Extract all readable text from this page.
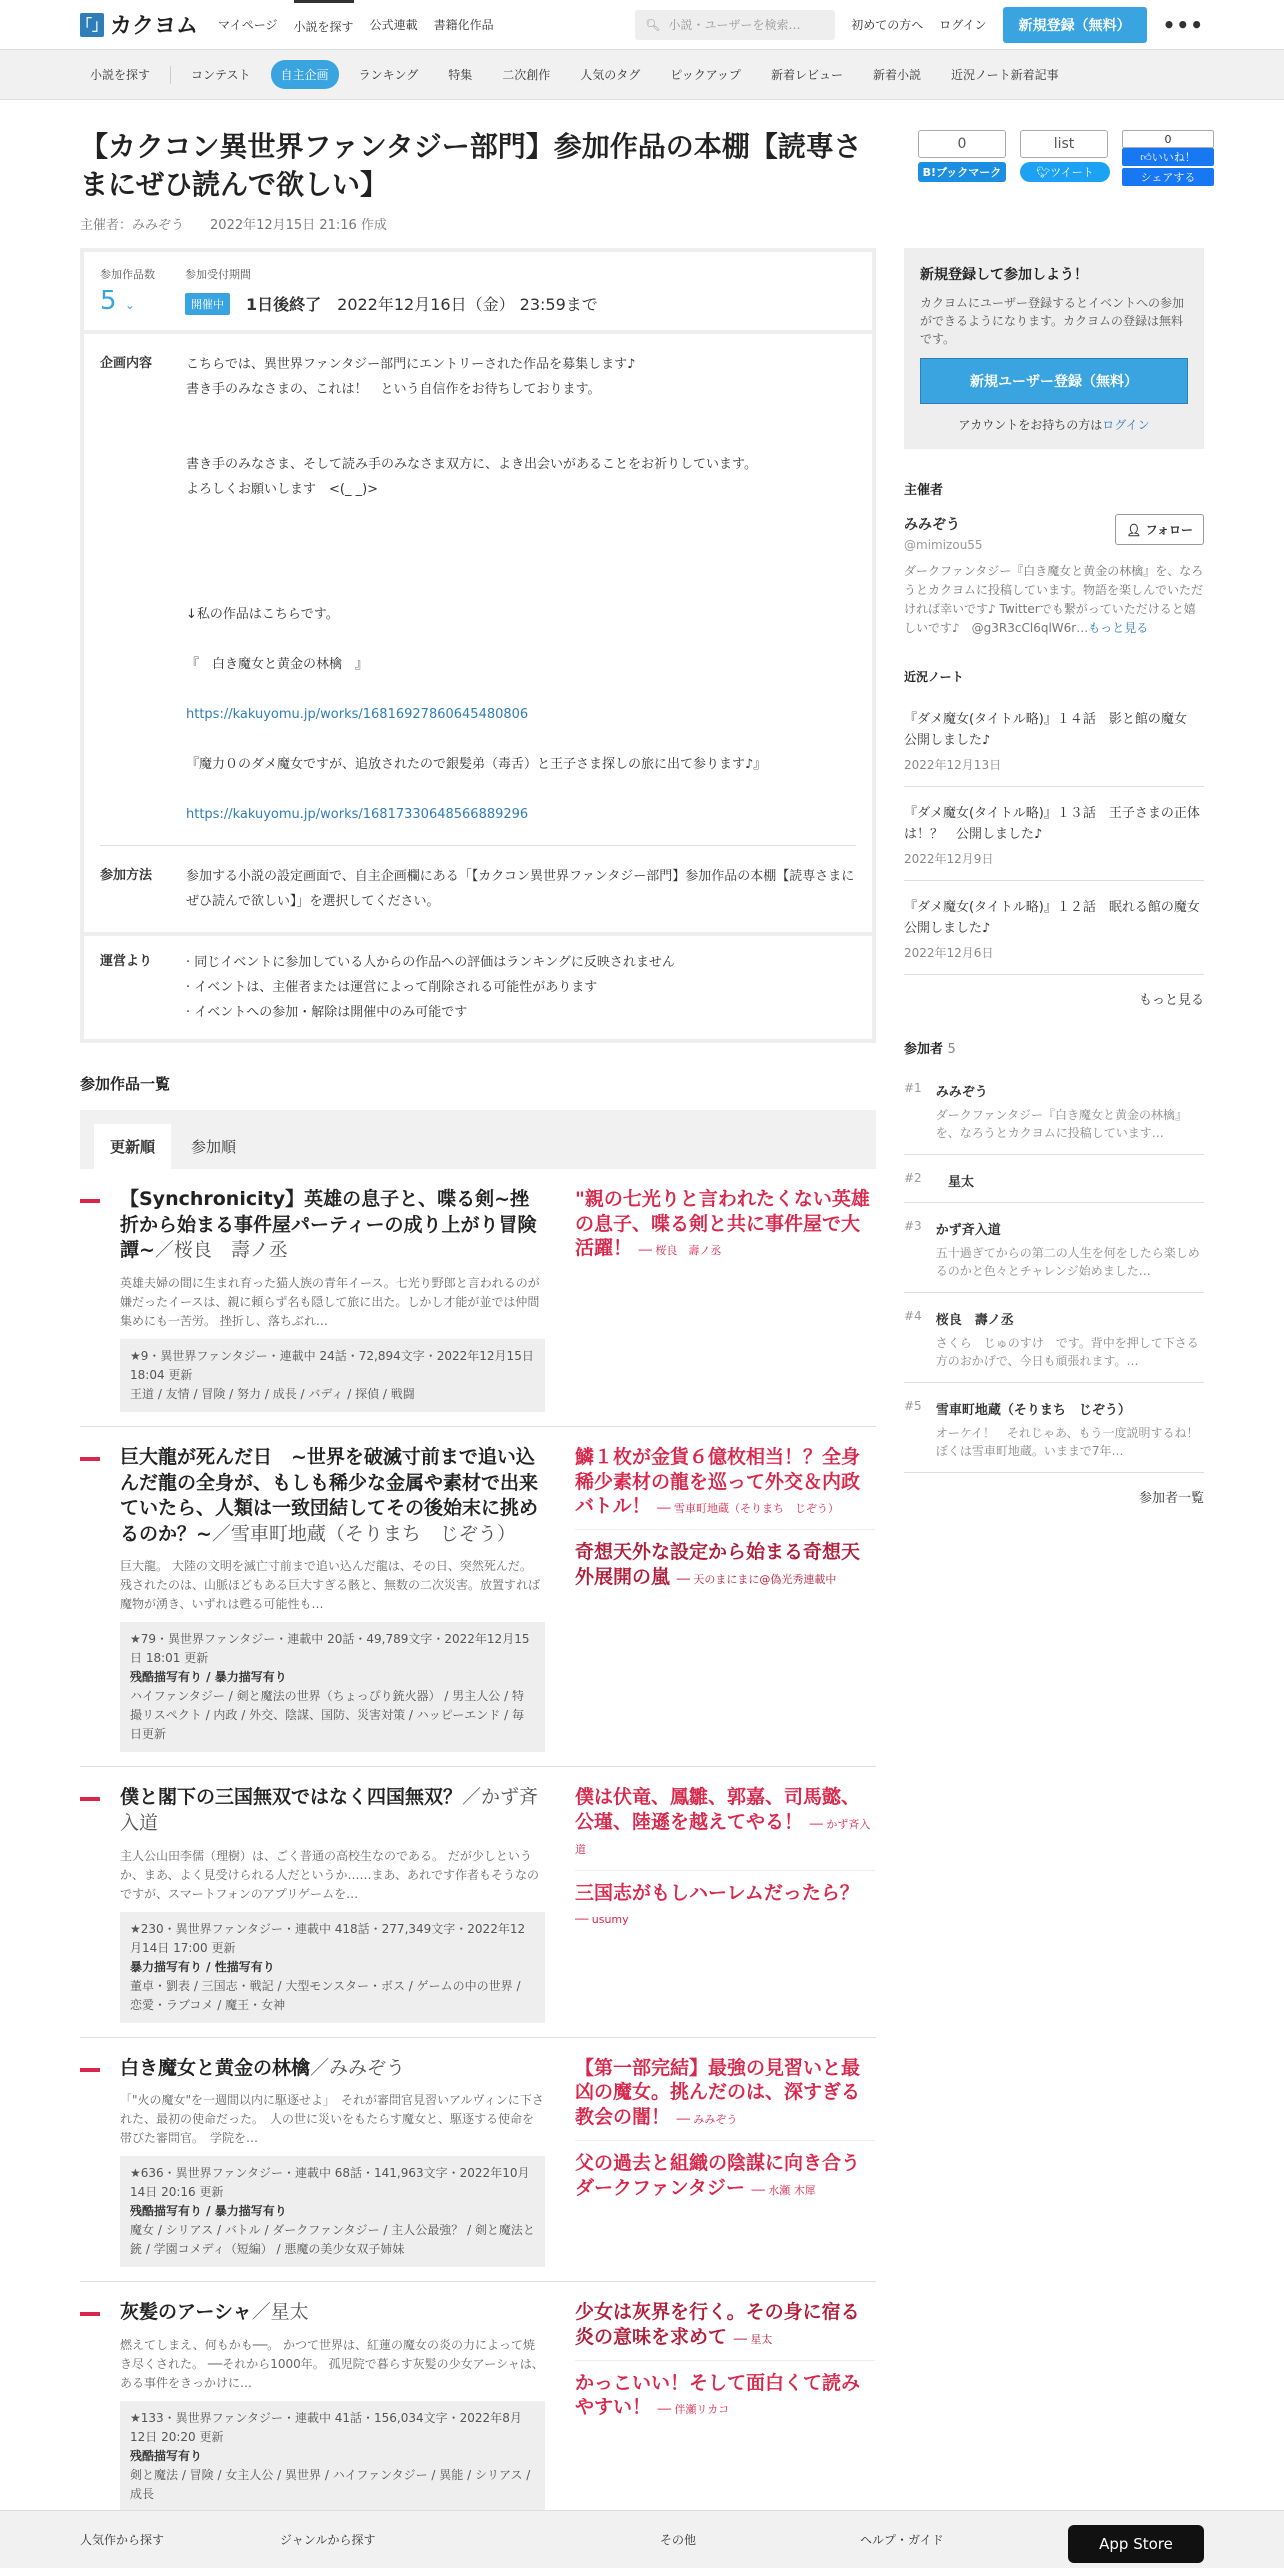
「」 カクヨム マイページ 小説を探す 公式連載 書籍化作品	🔍︎ 小説・ユーザーを検索…	初めての方へ ログイン	新規登録（無料）	•••
小説を探す	コンテスト	自主企画	ランキング	特集	二次創作	人気のタグ	ピックアップ	新着レビュー	新着小説	近況ノート新着記事
【カクコン異世界ファンタジー部門】参加作品の本棚【読専さまにぜひ読んで欲しい】
主催者：みみぞう　　 2022年12月15日 21:16 作成
0
B!ブックマーク
list
🐦︎ ツイート
0
👍︎ いいね！
シェアする
参加作品数
5 ⌄
参加受付期間
開催中	1日後終了 2022年12月16日（金） 23:59まで
企画内容	こちらでは、異世界ファンタジー部門にエントリーされた作品を募集します♪
書き手のみなさまの、これは！　という自信作をお待ちしております。
書き手のみなさま、そして読み手のみなさま双方に、よき出会いがあることをお祈りしています。
よろしくお願いします　<(_ _)>
↓私の作品はこちらです。
『　白き魔女と黄金の林檎　』
https://kakuyomu.jp/works/16816927860645480806
『魔力０のダメ魔女ですが、追放されたので銀髪弟（毒舌）と王子さま探しの旅に出て参ります♪』
https://kakuyomu.jp/works/16817330648566889296
参加方法	参加する小説の設定画面で、自主企画欄にある「【カクコン異世界ファンタジー部門】参加作品の本棚【読専さまにぜひ読んで欲しい】」を選択してください。
運営より	· 同じイベントに参加している人からの作品への評価はランキングに反映されません
· イベントは、主催者または運営によって削除される可能性があります
· イベントへの参加・解除は開催中のみ可能です
参加作品一覧
更新順	参加順
【Synchronicity】英雄の息子と、喋る剣~挫折から始まる事件屋パーティーの成り上がり冒険譚~／桜良　壽ノ丞
英雄夫婦の間に生まれ育った猫人族の青年イース。七光り野郎と言われるのが嫌だったイースは、親に頼らず名も隠して旅に出た。しかし才能が並では仲間集めにも一苦労。 挫折し、落ちぶれ…
★9・異世界ファンタジー・連載中 24話・72,894文字・2022年12月15日 18:04 更新
王道 / 友情 / 冒険 / 努力 / 成長 / バディ / 探偵 / 戦闘
"親の七光りと言われたくない英雄の息子、喋る剣と共に事件屋で大活躍！ ── 桜良　壽ノ丞
巨大龍が死んだ日　~世界を破滅寸前まで追い込んだ龍の全身が、もしも稀少な金属や素材で出来ていたら、人類は一致団結してその後始末に挑めるのか？~／雪車町地蔵（そりまち　じぞう）
巨大龍。 大陸の文明を滅亡寸前まで追い込んだ龍は、その日、突然死んだ。 残されたのは、山脈ほどもある巨大すぎる骸と、無数の二次災害。放置すれば魔物が湧き、いずれは甦る可能性も…
★79・異世界ファンタジー・連載中 20話・49,789文字・2022年12月15日 18:01 更新
残酷描写有り / 暴力描写有り
ハイファンタジー / 剣と魔法の世界（ちょっぴり銃火器） / 男主人公 / 特撮リスペクト / 内政 / 外交、陰謀、国防、災害対策 / ハッピーエンド / 毎日更新
鱗１枚が金貨６億枚相当！？全身稀少素材の龍を巡って外交＆内政バトル！ ── 雪車町地蔵（そりまち　じぞう）
奇想天外な設定から始まる奇想天外展開の嵐 ── 天のまにまに@偽光秀連載中
僕と閣下の三国無双ではなく四国無双？／かず斉入道
主人公山田李儒（理樹）は、ごく普通の高校生なのである。 だが少しというか、まあ、よく見受けられる人だというか……まあ、あれです作者もそうなのですが、スマートフォンのアプリゲームを…
★230・異世界ファンタジー・連載中 418話・277,349文字・2022年12月14日 17:00 更新
暴力描写有り / 性描写有り
董卓・劉表 / 三国志・戦記 / 大型モンスター・ボス / ゲームの中の世界 / 恋愛・ラブコメ / 魔王・女神
僕は伏竜、鳳雛、郭嘉、司馬懿、公瑾、陸遜を越えてやる！ ── かず斉入道
三国志がもしハーレムだったら？ ── usumy
白き魔女と黄金の林檎／みみぞう
「"火の魔女"を一週間以内に駆逐せよ」　それが審問官見習いアルヴィンに下された、最初の使命だった。　人の世に災いをもたらす魔女と、駆逐する使命を帯びた審問官。　学院を…
★636・異世界ファンタジー・連載中 68話・141,963文字・2022年10月14日 20:16 更新
残酷描写有り / 暴力描写有り
魔女 / シリアス / バトル / ダークファンタジー / 主人公最強？ / 剣と魔法と銃 / 学園コメディ（短編） / 悪魔の美少女双子姉妹
【第一部完結】最強の見習いと最凶の魔女。挑んだのは、深すぎる教会の闇！ ── みみぞう
父の過去と組織の陰謀に向き合うダークファンタジー ── 水瀬 木犀
灰髪のアーシャ／星太
燃えてしまえ、何もかも──。 かつて世界は、紅蓮の魔女の炎の力によって焼き尽くされた。 ──それから1000年。 孤児院で暮らす灰髪の少女アーシャは、ある事件をきっかけに…
★133・異世界ファンタジー・連載中 41話・156,034文字・2022年8月12日 20:20 更新
残酷描写有り
剣と魔法 / 冒険 / 女主人公 / 異世界 / ハイファンタジー / 異能 / シリアス / 成長
少女は灰界を行く。その身に宿る炎の意味を求めて ── 星太
かっこいい！そして面白くて読みやすい！ ── 伴瀬リカコ
新規登録して参加しよう！

カクヨムにユーザー登録するとイベントへの参加ができるようになります。カクヨムの登録は無料です。

新規ユーザー登録（無料）
アカウントをお持ちの方はログイン
主催者
みみぞう
@mimizou55
👤︎ フォロー
ダークファンタジー『白き魔女と黄金の林檎』を、なろうとカクヨムに投稿しています。物語を楽しんでいただければ幸いです♪ Twitterでも繋がっていただけると嬉しいです♪　@g3R3cCl6qlW6r…もっと見る
近況ノート
『ダメ魔女(タイトル略)』１４話　影と館の魔女　公開しました♪
2022年12月13日
『ダメ魔女(タイトル略)』１３話　王子さまの正体は！？　公開しました♪
2022年12月9日
『ダメ魔女(タイトル略)』１２話　眠れる館の魔女　公開しました♪
2022年12月6日
もっと見る
参加者 5
#1 みみぞう
ダークファンタジー『白き魔女と黄金の林檎』を、なろうとカクヨムに投稿しています…
#2	星太
#3 かず斉入道
五十過ぎてからの第二の人生を何をしたら楽しめるのかと色々とチャレンジ始めました…
#4 桜良　壽ノ丞
さくら　じゅのすけ　です。背中を押して下さる方のおかげで、今日も頑張れます。…
#5 雪車町地蔵（そりまち　じぞう）
オーケイ！　それじゃあ、もう一度説明するね！ぼくは雪車町地蔵。いままで7年…
参加者一覧
人気作から探す	ジャンルから探す	その他	ヘルプ・ガイド	App Store
